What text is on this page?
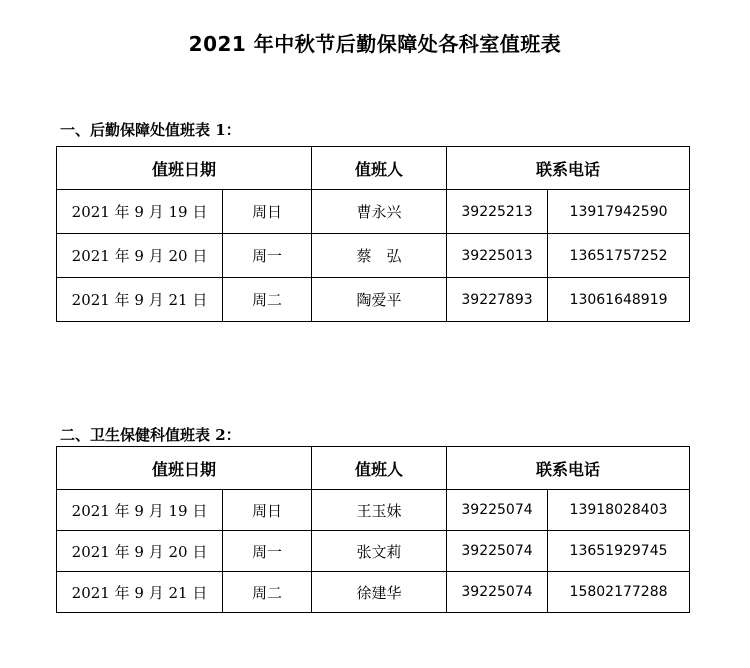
2021 年中秋节后勤保障处各科室值班表
一、后勤保障处值班表 1：
值班日期		值班人	联系电话	
2021 年 9 月 19 日	周日	曹永兴	39225213	13917942590
2021 年 9 月 20 日	周一	蔡　弘	39225013	13651757252
2021 年 9 月 21 日	周二	陶爱平	39227893	13061648919
二、卫生保健科值班表 2：
值班日期		值班人	联系电话	
2021 年 9 月 19 日	周日	王玉妹	39225074	13918028403
2021 年 9 月 20 日	周一	张文莉	39225074	13651929745
2021 年 9 月 21 日	周二	徐建华	39225074	15802177288
